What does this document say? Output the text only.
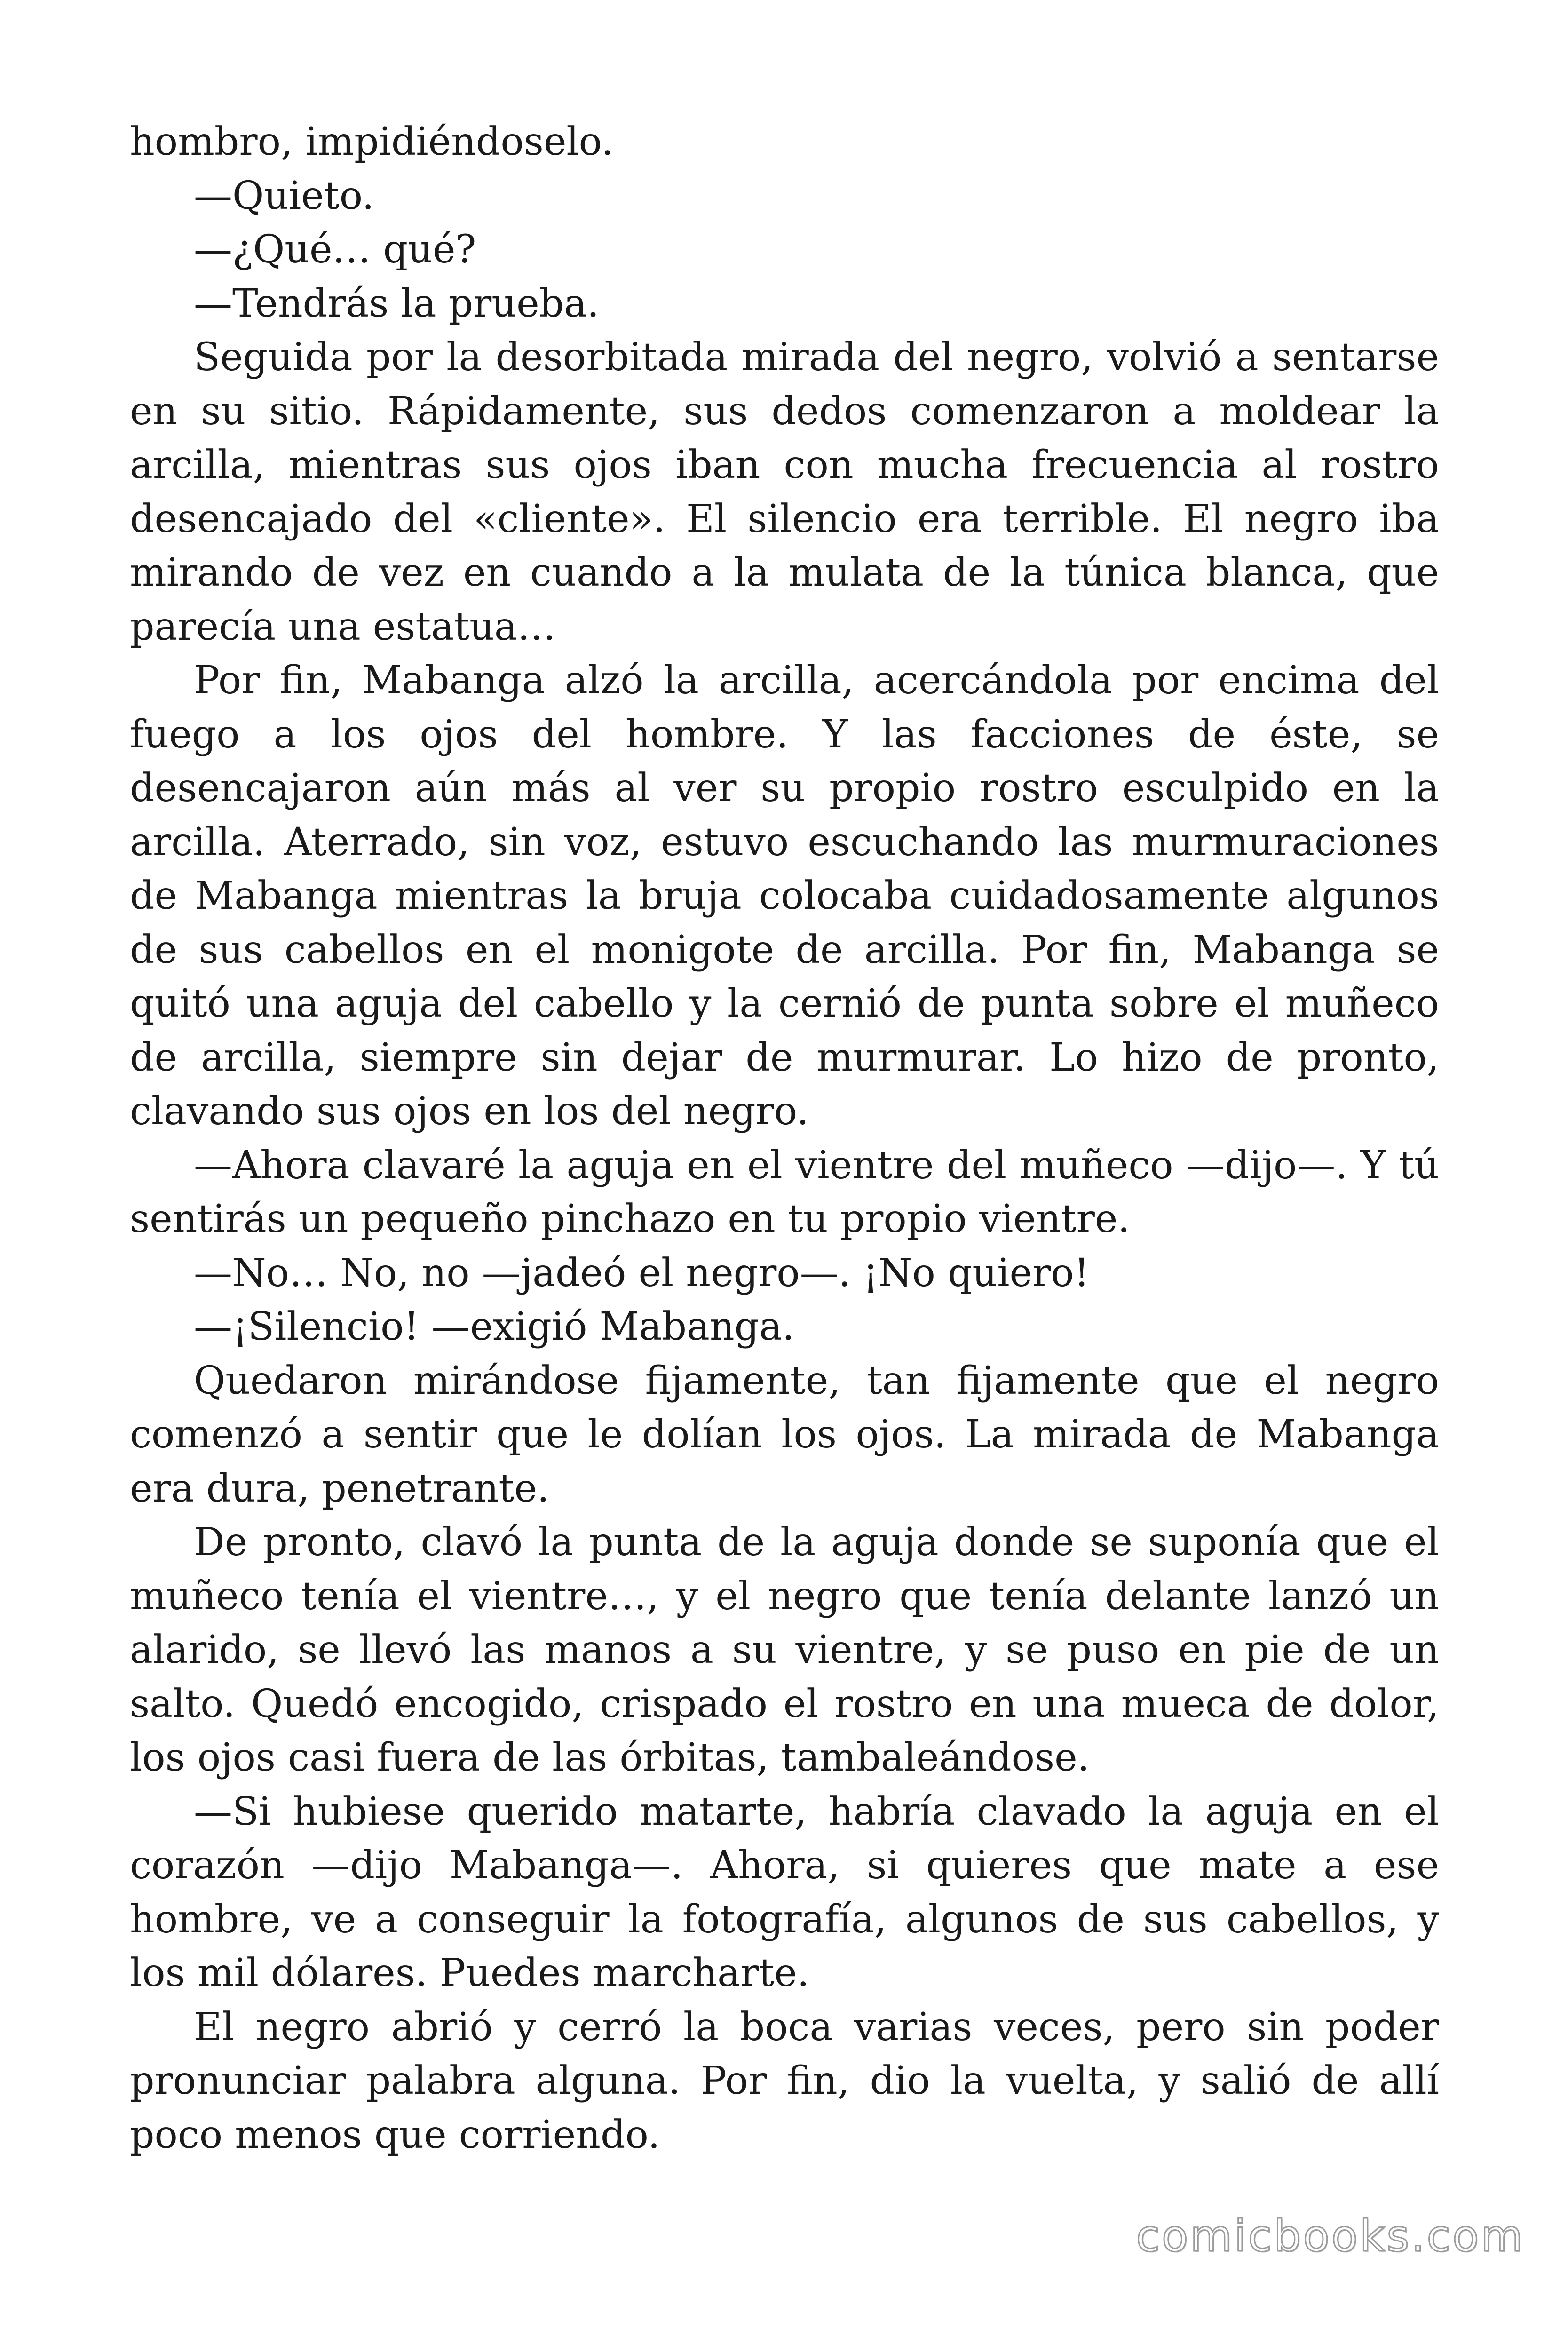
hombro, impidiéndoselo.

—Quieto.

—¿Qué… qué?

—Tendrás la prueba.

Seguida por la desorbitada mirada del negro, volvió a sentarse en su sitio. Rápidamente, sus dedos comenzaron a moldear la arcilla, mientras sus ojos iban con mucha frecuencia al rostro desencajado del «cliente». El silencio era terrible. El negro iba mirando de vez en cuando a la mulata de la túnica blanca, que parecía una estatua…

Por fin, Mabanga alzó la arcilla, acercándola por encima del fuego a los ojos del hombre. Y las facciones de éste, se desencajaron aún más al ver su propio rostro esculpido en la arcilla. Aterrado, sin voz, estuvo escuchando las murmuraciones de Mabanga mientras la bruja colocaba cuidadosamente algunos de sus cabellos en el monigote de arcilla. Por fin, Mabanga se quitó una aguja del cabello y la cernió de punta sobre el muñeco de arcilla, siempre sin dejar de murmurar. Lo hizo de pronto, clavando sus ojos en los del negro.

—Ahora clavaré la aguja en el vientre del muñeco —dijo—. Y tú sentirás un pequeño pinchazo en tu propio vientre.

—No… No, no —jadeó el negro—. ¡No quiero!

—¡Silencio! —exigió Mabanga.

Quedaron mirándose fijamente, tan fijamente que el negro comenzó a sentir que le dolían los ojos. La mirada de Mabanga era dura, penetrante.

De pronto, clavó la punta de la aguja donde se suponía que el muñeco tenía el vientre…, y el negro que tenía delante lanzó un alarido, se llevó las manos a su vientre, y se puso en pie de un salto. Quedó encogido, crispado el rostro en una mueca de dolor, los ojos casi fuera de las órbitas, tambaleándose.

—Si hubiese querido matarte, habría clavado la aguja en el corazón —dijo Mabanga—. Ahora, si quieres que mate a ese hombre, ve a conseguir la fotografía, algunos de sus cabellos, y los mil dólares. Puedes marcharte.

El negro abrió y cerró la boca varias veces, pero sin poder pronunciar palabra alguna. Por fin, dio la vuelta, y salió de allí poco menos que corriendo.

comicbooks.com
